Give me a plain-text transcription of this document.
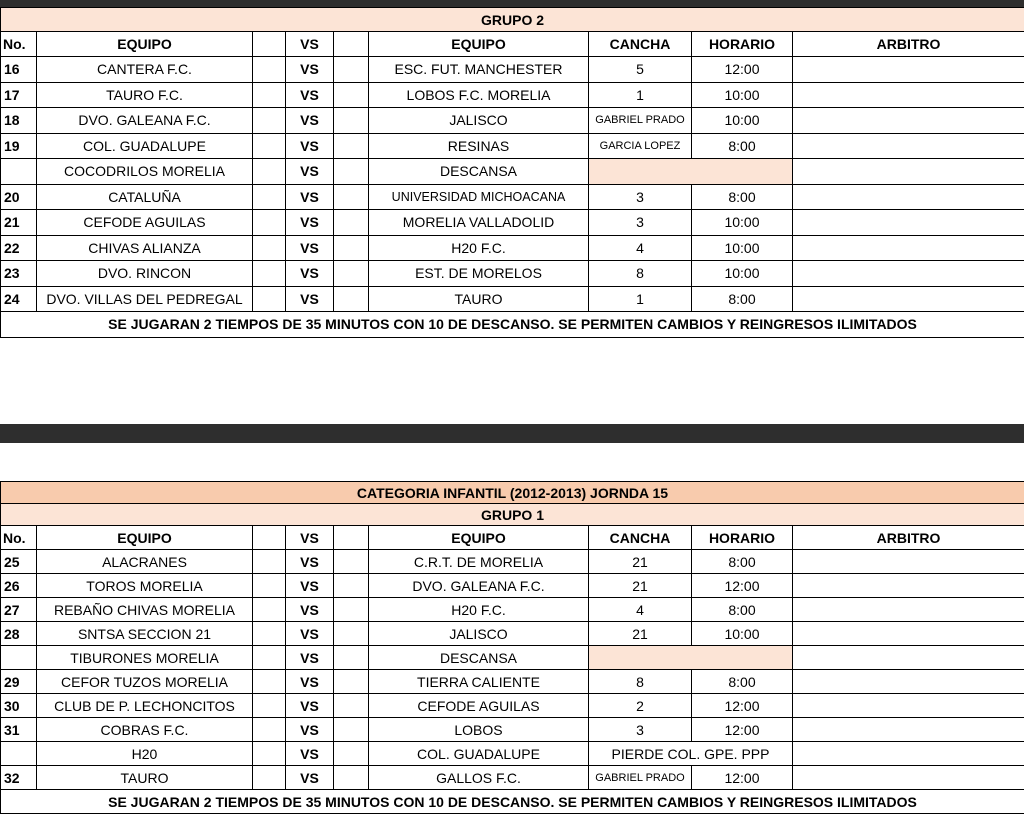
GRUPO 2								
No.	EQUIPO		VS		EQUIPO	CANCHA	HORARIO	ARBITRO
16	CANTERA F.C.		VS		ESC. FUT. MANCHESTER	5	12:00	
17	TAURO F.C.		VS		LOBOS F.C. MORELIA	1	10:00	
18	DVO. GALEANA F.C.		VS		JALISCO	GABRIEL PRADO	10:00	
19	COL. GUADALUPE		VS		RESINAS	GARCIA LOPEZ	8:00	
	COCODRILOS MORELIA		VS		DESCANSA			
20	CATALUÑA		VS		UNIVERSIDAD MICHOACANA	3	8:00	
21	CEFODE AGUILAS		VS		MORELIA VALLADOLID	3	10:00	
22	CHIVAS ALIANZA		VS		H20 F.C.	4	10:00	
23	DVO. RINCON		VS		EST. DE MORELOS	8	10:00	
24	DVO. VILLAS DEL PEDREGAL		VS		TAURO	1	8:00	
SE JUGARAN 2 TIEMPOS DE 35 MINUTOS CON 10 DE DESCANSO. SE PERMITEN CAMBIOS Y REINGRESOS ILIMITADOS								
CATEGORIA INFANTIL (2012-2013) JORNDA 15								
GRUPO 1								
No.	EQUIPO		VS		EQUIPO	CANCHA	HORARIO	ARBITRO
25	ALACRANES		VS		C.R.T. DE MORELIA	21	8:00	
26	TOROS MORELIA		VS		DVO. GALEANA F.C.	21	12:00	
27	REBAÑO CHIVAS MORELIA		VS		H20 F.C.	4	8:00	
28	SNTSA SECCION 21		VS		JALISCO	21	10:00	
	TIBURONES MORELIA		VS		DESCANSA			
29	CEFOR TUZOS MORELIA		VS		TIERRA CALIENTE	8	8:00	
30	CLUB DE P. LECHONCITOS		VS		CEFODE AGUILAS	2	12:00	
31	COBRAS F.C.		VS		LOBOS	3	12:00	
	H20		VS		COL. GUADALUPE	PIERDE COL. GPE. PPP		
32	TAURO		VS		GALLOS F.C.	GABRIEL PRADO	12:00	
SE JUGARAN 2 TIEMPOS DE 35 MINUTOS CON 10 DE DESCANSO. SE PERMITEN CAMBIOS Y REINGRESOS ILIMITADOS								
